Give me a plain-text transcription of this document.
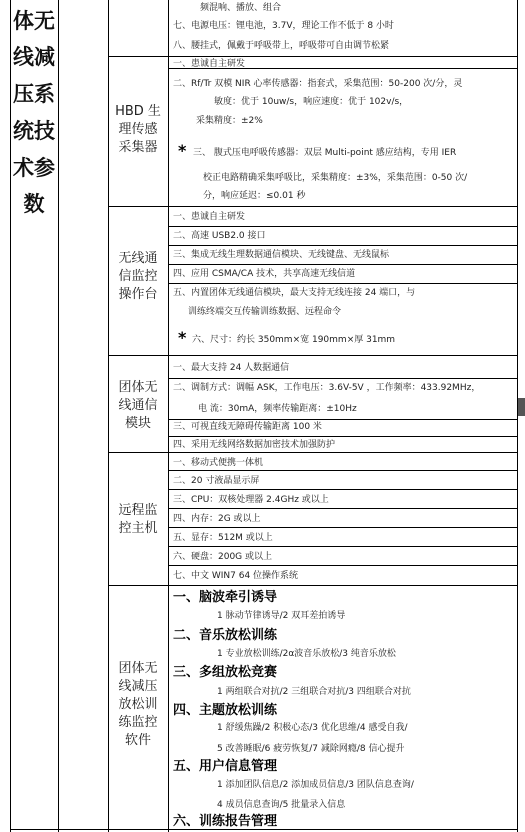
体无
线减
压系
统技
术参
数
频混响、播放、组合
七、电源电压：锂电池，3.7V，理论工作不低于 8 小时
八、腰挂式，佩戴于呼吸带上，呼吸带可自由调节松紧
HBD 生
理传感
采集器
一、患诚自主研发
二、Rf/Tr 双模 NIR 心率传感器：指套式，采集范围：50-200 次/分，灵
敏度：优于 10uw/s，响应速度：优于 102v/s，
采集精度：±2%
* 三、 腹式压电呼吸传感器：双层 Multi-point 感应结构，专用 IER
校正电路精确采集呼吸比，采集精度：±3%，采集范围：0-50 次/
分，响应延迟：≤0.01 秒
无线通
信监控
操作台
一、患诚自主研发
二、高速 USB2.0 接口
三、集成无线生理数据通信模块、无线键盘、无线鼠标
四、应用 CSMA/CA 技术，共享高速无线信道
五、内置团体无线通信模块，最大支持无线连接 24 端口，与
训练终端交互传输训练数据、远程命令
* 六、尺寸：约长 350mm×宽 190mm×厚 31mm
团体无
线通信
模块
一、最大支持 24 人数据通信
二、调制方式：调幅 ASK，工作电压：3.6V-5V ，工作频率：433.92MHz，
电 流：30mA，频率传输距离：±10Hz
三、可视直线无障碍传输距离 100 米
四、采用无线网络数据加密技术加强防护
远程监
控主机
一、移动式便携一体机
二、20 寸液晶显示屏
三、CPU：双核处理器 2.4GHz 或以上
四、内存：2G 或以上
五、显存：512M 或以上
六、硬盘：200G 或以上
七、中文 WIN7 64 位操作系统
团体无
线减压
放松训
练监控
软件
一、脑波牵引诱导
1 脉动节律诱导/2 双耳差拍诱导
二、音乐放松训练
1 专业放松训练/2α波音乐放松/3 纯音乐放松
三、多组放松竞赛
1 两组联合对抗/2 三组联合对抗/3 四组联合对抗
四、主题放松训练
1 舒缓焦躁/2 积极心态/3 优化思维/4 感受自我/
5 改善睡眠/6 疲劳恢复/7 减除网瘾/8 信心提升
五、用户信息管理
1 添加团队信息/2 添加成员信息/3 团队信息查询/
4 成员信息查询/5 批量录入信息
六、训练报告管理
